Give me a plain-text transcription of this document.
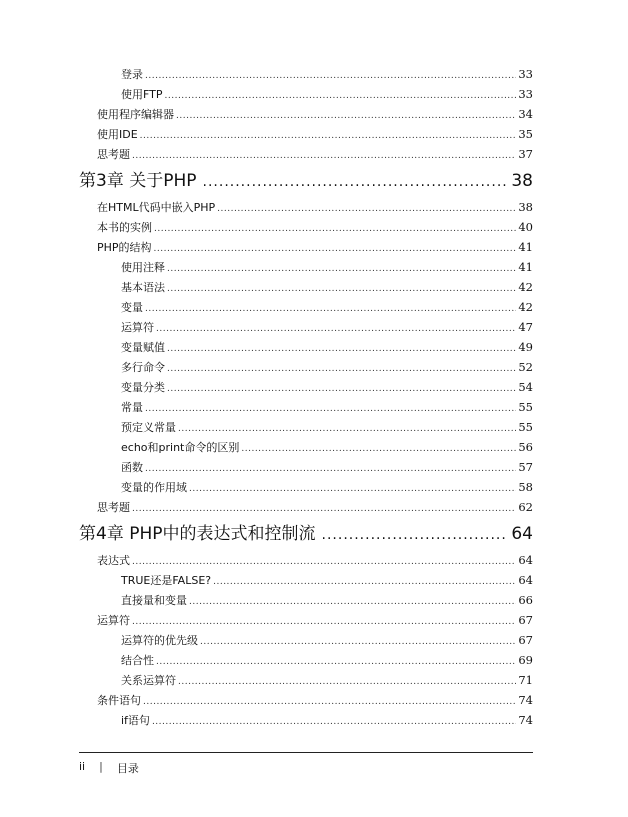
登录 .....	33
使用FTP .....	33
使用程序编辑器 .....	34
使用IDE .....	35
思考题 .....	37
第3章 关于PHP .....	38
在HTML代码中嵌入PHP .....	38
本书的实例 .....	40
PHP的结构 .....	41
使用注释 .....	41
基本语法 .....	42
变量 .....	42
运算符 .....	47
变量赋值 .....	49
多行命令 .....	52
变量分类 .....	54
常量 .....	55
预定义常量 .....	55
echo和print命令的区别 .....	56
函数 .....	57
变量的作用域 .....	58
思考题 .....	62
第4章 PHP中的表达式和控制流 .....	64
表达式 .....	64
TRUE还是FALSE? .....	64
直接量和变量 .....	66
运算符 .....	67
运算符的优先级 .....	67
结合性 .....	69
关系运算符 .....	71
条件语句 .....	74
if语句 .....	74
ii | 目录
